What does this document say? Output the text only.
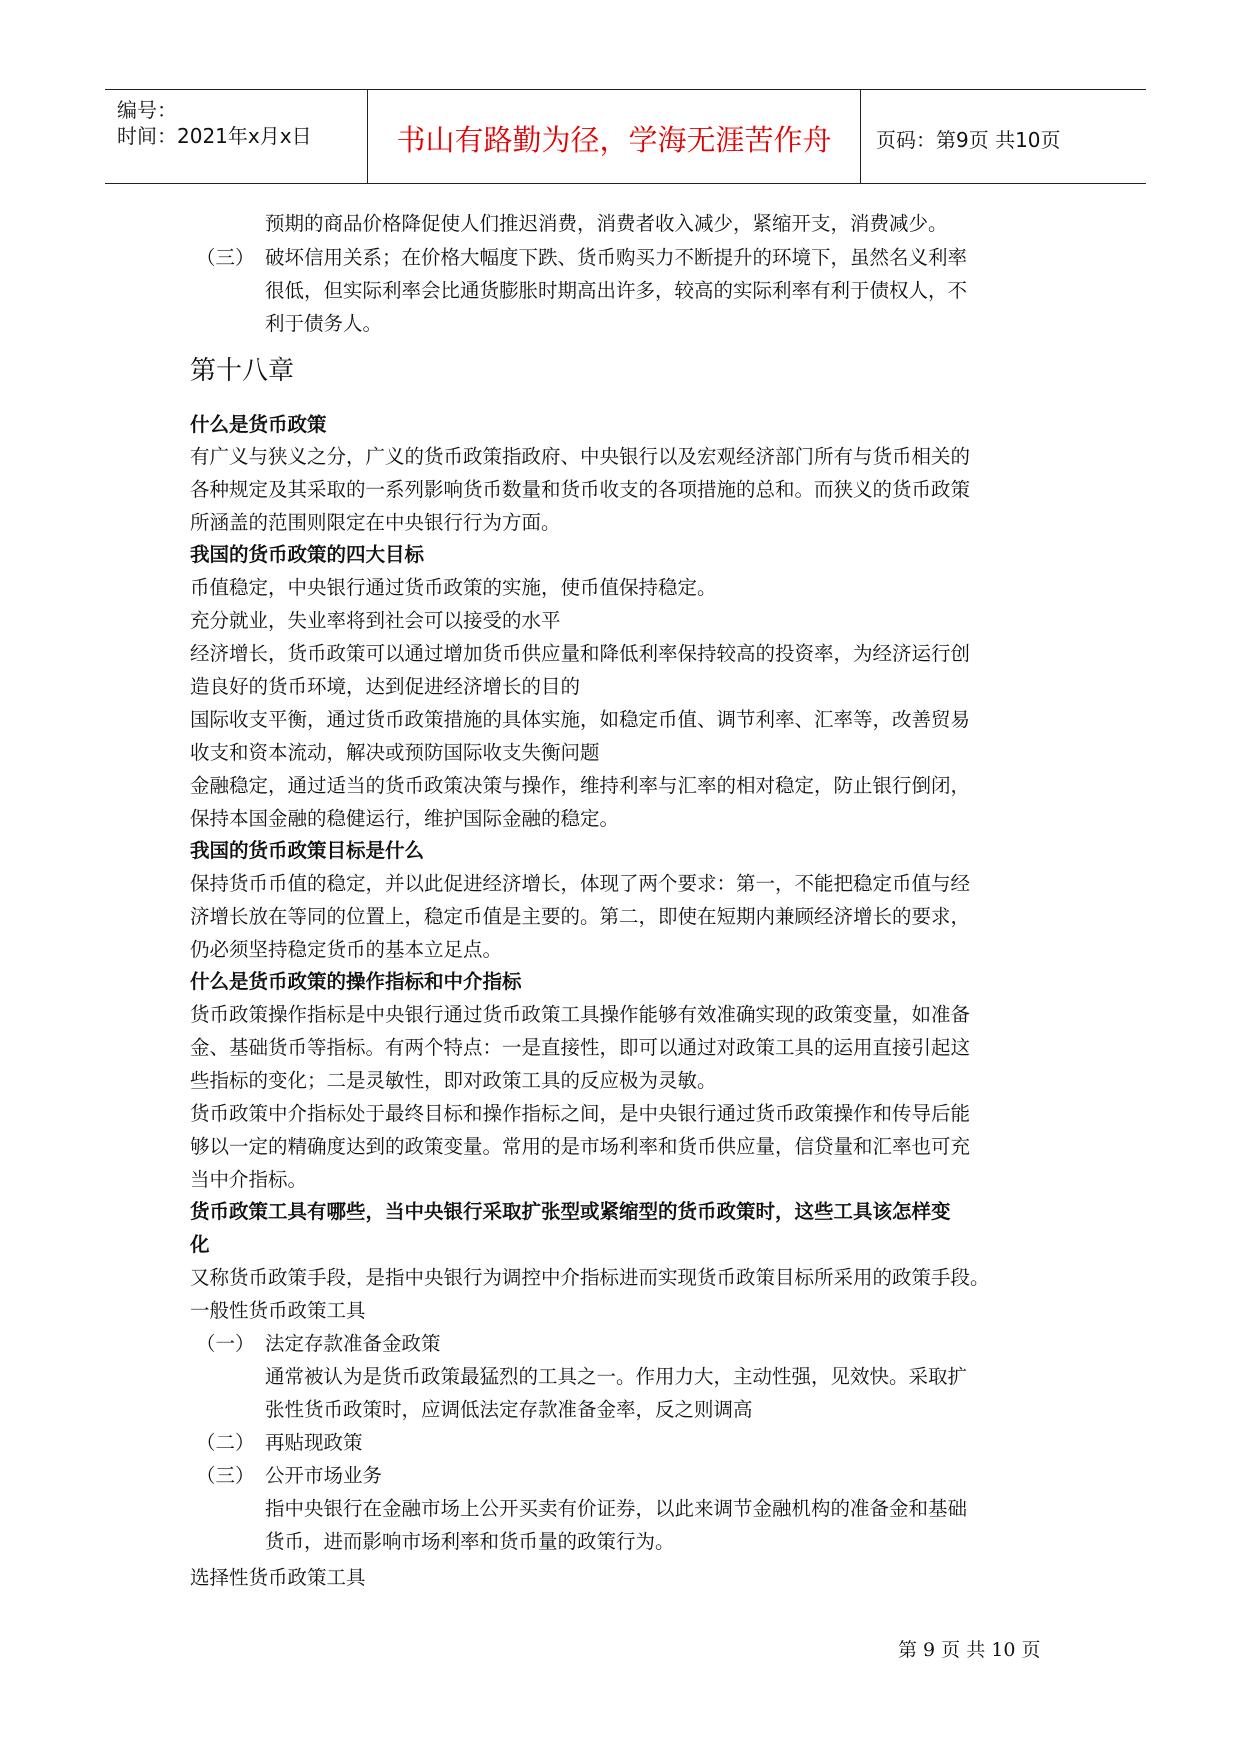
编号：
时间：2021年x月x日	书山有路勤为径，学海无涯苦作舟	页码：第9页 共10页
预期的商品价格降促使人们推迟消费，消费者收入减少，紧缩开支，消费减少。
（三） 破坏信用关系；在价格大幅度下跌、货币购买力不断提升的环境下，虽然名义利率
很低，但实际利率会比通货膨胀时期高出许多，较高的实际利率有利于债权人，不
利于债务人。
第十八章
什么是货币政策
有广义与狭义之分，广义的货币政策指政府、中央银行以及宏观经济部门所有与货币相关的
各种规定及其采取的一系列影响货币数量和货币收支的各项措施的总和。而狭义的货币政策
所涵盖的范围则限定在中央银行行为方面。
我国的货币政策的四大目标
币值稳定，中央银行通过货币政策的实施，使币值保持稳定。
充分就业，失业率将到社会可以接受的水平
经济增长，货币政策可以通过增加货币供应量和降低利率保持较高的投资率，为经济运行创
造良好的货币环境，达到促进经济增长的目的
国际收支平衡，通过货币政策措施的具体实施，如稳定币值、调节利率、汇率等，改善贸易
收支和资本流动，解决或预防国际收支失衡问题
金融稳定，通过适当的货币政策决策与操作，维持利率与汇率的相对稳定，防止银行倒闭，
保持本国金融的稳健运行，维护国际金融的稳定。
我国的货币政策目标是什么
保持货币币值的稳定，并以此促进经济增长，体现了两个要求：第一，不能把稳定币值与经
济增长放在等同的位置上，稳定币值是主要的。第二，即使在短期内兼顾经济增长的要求，
仍必须坚持稳定货币的基本立足点。
什么是货币政策的操作指标和中介指标
货币政策操作指标是中央银行通过货币政策工具操作能够有效准确实现的政策变量，如准备
金、基础货币等指标。有两个特点：一是直接性，即可以通过对政策工具的运用直接引起这
些指标的变化；二是灵敏性，即对政策工具的反应极为灵敏。
货币政策中介指标处于最终目标和操作指标之间，是中央银行通过货币政策操作和传导后能
够以一定的精确度达到的政策变量。常用的是市场利率和货币供应量，信贷量和汇率也可充
当中介指标。
货币政策工具有哪些，当中央银行采取扩张型或紧缩型的货币政策时，这些工具该怎样变
化
又称货币政策手段，是指中央银行为调控中介指标进而实现货币政策目标所采用的政策手段。
一般性货币政策工具
（一） 法定存款准备金政策
通常被认为是货币政策最猛烈的工具之一。作用力大，主动性强，见效快。采取扩
张性货币政策时，应调低法定存款准备金率，反之则调高
（二） 再贴现政策
（三） 公开市场业务
指中央银行在金融市场上公开买卖有价证券，以此来调节金融机构的准备金和基础
货币，进而影响市场利率和货币量的政策行为。
选择性货币政策工具
第 9 页 共 10 页
